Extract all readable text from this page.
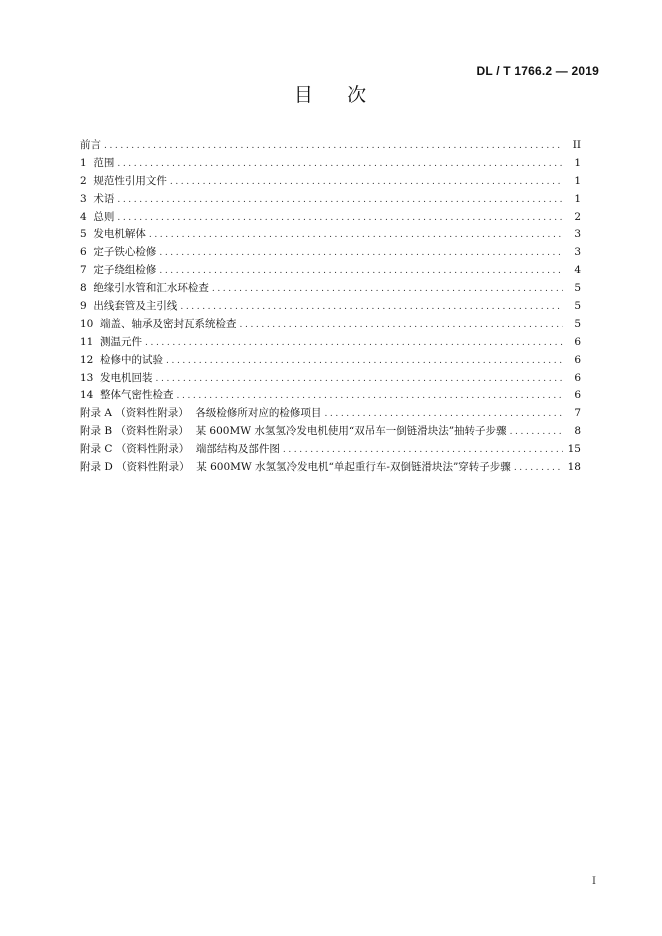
DL / T 1766.2 — 2019
目    次
前言 .....	II
1  范围 .....	1
2  规范性引用文件 .....	1
3  术语 .....	1
4  总则 .....	2
5  发电机解体 .....	3
6  定子铁心检修 .....	3
7  定子绕组检修 .....	4
8  绝缘引水管和汇水环检查 .....	5
9  出线套管及主引线 .....	5
10  端盖、轴承及密封瓦系统检查 .....	5
11  测温元件 .....	6
12  检修中的试验 .....	6
13  发电机回装 .....	6
14  整体气密性检查 .....	6
附录 A （资料性附录）  各级检修所对应的检修项目 .....	7
附录 B （资料性附录）  某 600MW 水氢氢冷发电机使用“双吊车一倒链滑块法”抽转子步骤 .....	8
附录 C （资料性附录）  端部结构及部件图 .....	15
附录 D （资料性附录）  某 600MW 水氢氢冷发电机“单起重行车-双倒链滑块法”穿转子步骤 .....	18
I
